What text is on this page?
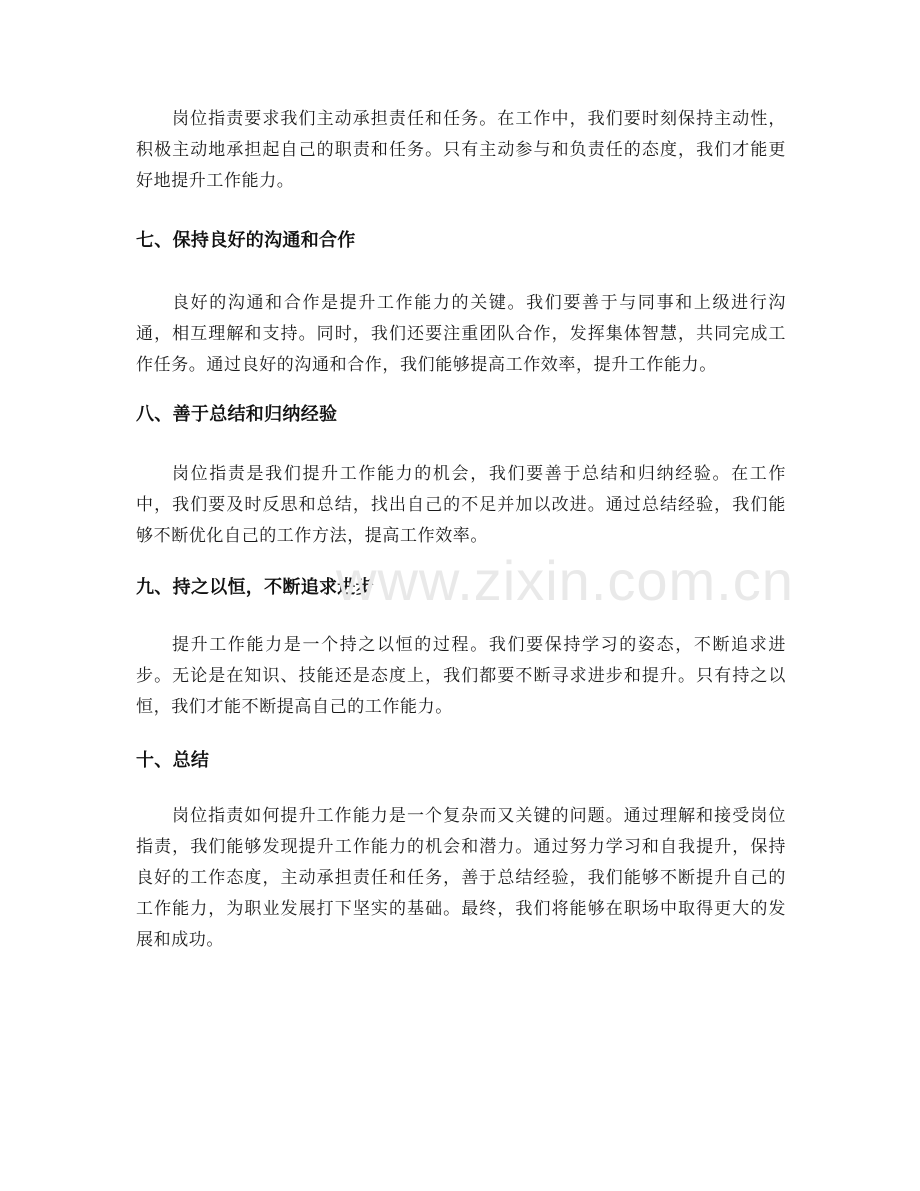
岗位指责要求我们主动承担责任和任务。在工作中，我们要时刻保持主动性，积极主动地承担起自己的职责和任务。只有主动参与和负责任的态度，我们才能更好地提升工作能力。

七、保持良好的沟通和合作

良好的沟通和合作是提升工作能力的关键。我们要善于与同事和上级进行沟通，相互理解和支持。同时，我们还要注重团队合作，发挥集体智慧，共同完成工作任务。通过良好的沟通和合作，我们能够提高工作效率，提升工作能力。

八、善于总结和归纳经验

岗位指责是我们提升工作能力的机会，我们要善于总结和归纳经验。在工作中，我们要及时反思和总结，找出自己的不足并加以改进。通过总结经验，我们能够不断优化自己的工作方法，提高工作效率。

九、持之以恒，不断追求进步

提升工作能力是一个持之以恒的过程。我们要保持学习的姿态，不断追求进步。无论是在知识、技能还是态度上，我们都要不断寻求进步和提升。只有持之以恒，我们才能不断提高自己的工作能力。

十、总结

岗位指责如何提升工作能力是一个复杂而又关键的问题。通过理解和接受岗位指责，我们能够发现提升工作能力的机会和潜力。通过努力学习和自我提升，保持良好的工作态度，主动承担责任和任务，善于总结经验，我们能够不断提升自己的工作能力，为职业发展打下坚实的基础。最终，我们将能够在职场中取得更大的发展和成功。

www.zixin.com.cn
